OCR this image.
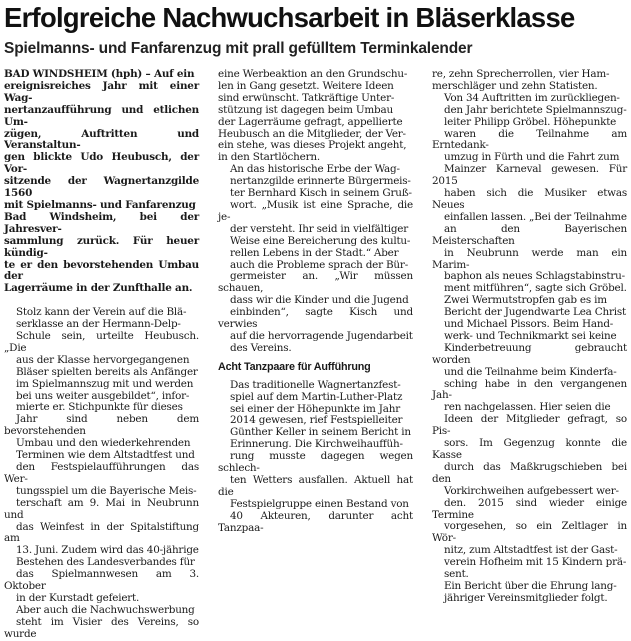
Erfolgreiche Nachwuchsarbeit in Bläserklasse
Spielmanns- und Fanfarenzug mit prall gefülltem Terminkalender

BAD WINDSHEIM (hph) – Auf ein
ereignisreiches Jahr mit einer Wag-
nertanzaufführung und etlichen Um-
zügen, Auftritten und Veranstaltun-
gen blickte Udo Heubusch, der Vor-
sitzende der Wagnertanzgilde 1560
mit Spielmanns- und Fanfarenzug
Bad Windsheim, bei der Jahresver-
sammlung zurück. Für heuer kündig-
te er den bevorstehenden Umbau der
Lagerräume in der Zunfthalle an.

Stolz kann der Verein auf die Blä-
serklasse an der Hermann-Delp-
Schule sein, urteilte Heubusch. „Die
aus der Klasse hervorgegangenen
Bläser spielten bereits als Anfänger
im Spielmannszug mit und werden
bei uns weiter ausgebildet“, infor-
mierte er. Stichpunkte für dieses
Jahr sind neben dem bevorstehenden
Umbau und den wiederkehrenden
Terminen wie dem Altstadtfest und
den Festspielaufführungen das Wer-
tungsspiel um die Bayerische Meis-
terschaft am 9. Mai in Neubrunn und
das Weinfest in der Spitalstiftung am
13. Juni. Zudem wird das 40-jährige
Bestehen des Landesverbandes für
das Spielmannwesen am 3. Oktober
in der Kurstadt gefeiert.

Aber auch die Nachwuchswerbung
steht im Visier des Vereins, so wurde

eine Werbeaktion an den Grundschu-
len in Gang gesetzt. Weitere Ideen
sind erwünscht. Tatkräftige Unter-
stützung ist dagegen beim Umbau
der Lagerräume gefragt, appellierte
Heubusch an die Mitglieder, der Ver-
ein stehe, was dieses Projekt angeht,
in den Startlöchern.

An das historische Erbe der Wag-
nertanzgilde erinnerte Bürgermeis-
ter Bernhard Kisch in seinem Gruß-
wort. „Musik ist eine Sprache, die je-
der versteht. Ihr seid in vielfältiger
Weise eine Bereicherung des kultu-
rellen Lebens in der Stadt.“ Aber
auch die Probleme sprach der Bür-
germeister an. „Wir müssen schauen,
dass wir die Kinder und die Jugend
einbinden“, sagte Kisch und verwies
auf die hervorragende Jugendarbeit
des Vereins.

Acht Tanzpaare für Aufführung

Das traditionelle Wagnertanzfest-
spiel auf dem Martin-Luther-Platz
sei einer der Höhepunkte im Jahr
2014 gewesen, rief Festspielleiter
Günther Keller in seinem Bericht in
Erinnerung. Die Kirchweihauffüh-
rung musste dagegen wegen schlech-
ten Wetters ausfallen. Aktuell hat die
Festspielgruppe einen Bestand von
40 Akteuren, darunter acht Tanzpaa-

re, zehn Sprecherrollen, vier Ham-
merschläger und zehn Statisten.

Von 34 Auftritten im zurückliegen-
den Jahr berichtete Spielmannszug-
leiter Philipp Gröbel. Höhepunkte
waren die Teilnahme am Erntedank-
umzug in Fürth und die Fahrt zum
Mainzer Karneval gewesen. Für 2015
haben sich die Musiker etwas Neues
einfallen lassen. „Bei der Teilnahme
an den Bayerischen Meisterschaften
in Neubrunn werde man ein Marim-
baphon als neues Schlagstabinstru-
ment mitführen“, sagte sich Gröbel.

Zwei Wermutstropfen gab es im
Bericht der Jugendwarte Lea Christ
und Michael Pissors. Beim Hand-
werk- und Technikmarkt sei keine
Kinderbetreuung gebraucht worden
und die Teilnahme beim Kinderfa-
sching habe in den vergangenen Jah-
ren nachgelassen. Hier seien die
Ideen der Mitglieder gefragt, so Pis-
sors. Im Gegenzug konnte die Kasse
durch das Maßkrugschieben bei den
Vorkirchweihen aufgebessert wer-
den. 2015 sind wieder einige Termine
vorgesehen, so ein Zeltlager in Wör-
nitz, zum Altstadtfest ist der Gast-
verein Hofheim mit 15 Kindern prä-
sent.

Ein Bericht über die Ehrung lang-
jähriger Vereinsmitglieder folgt.
